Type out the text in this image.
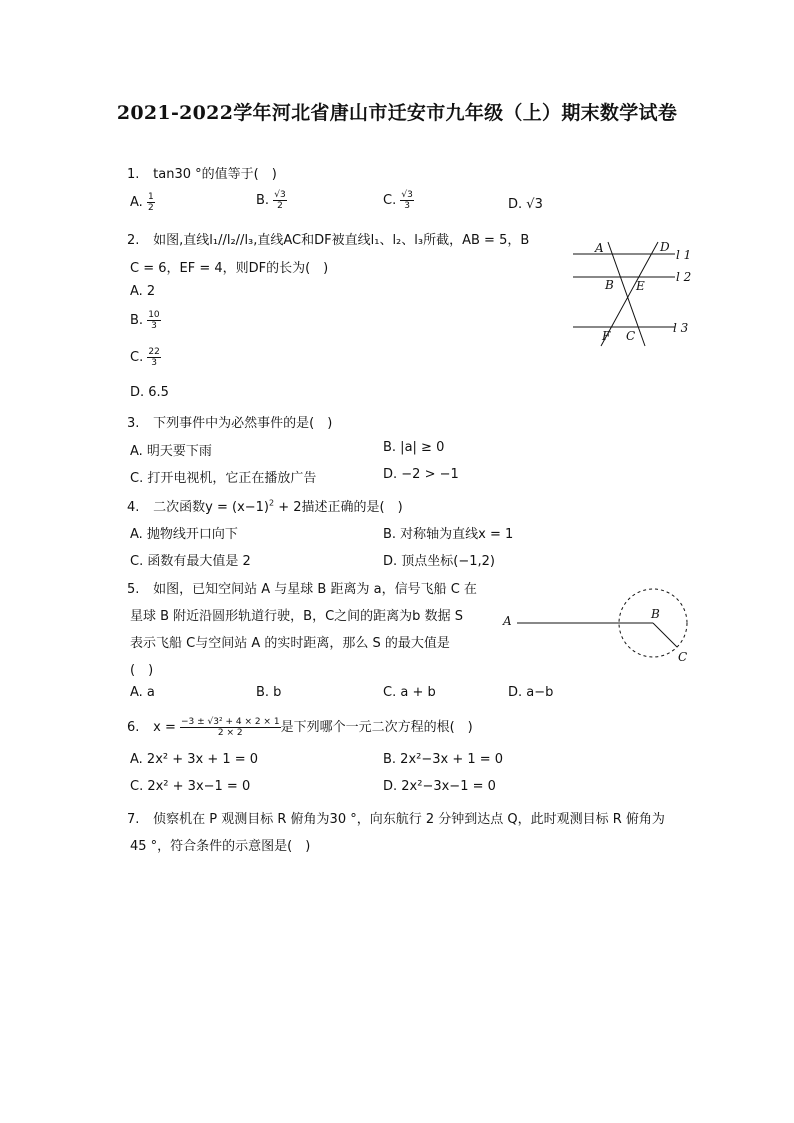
2021-2022学年河北省唐山市迁安市九年级（上）期末数学试卷
1. tan30 °的值等于(　)
A. $\frac{1}{2}$	B. $\frac{√3}{2}$	C. $\frac{√3}{3}$	D. √3
2. 如图,直线l₁//l₂//l₃,直线AC和DF被直线l₁、l₂、l₃所截，AB = 5，B
C = 6，EF = 4，则DF的长为(　)
A. 2
B. $\frac{10}{3}$
C. $\frac{22}{3}$
D. 6.5
A	D
B E
F C
l 1
l 2
l 3
3. 下列事件中为必然事件的是(　)
A. 明天要下雨	B. |a| ≥ 0
C. 打开电视机，它正在播放广告	D. −2 > −1
4. 二次函数$y = (x-1)^2 + 2$描述正确的是(　)
A. 抛物线开口向下	B. 对称轴为直线x = 1
C. 函数有最大值是 2	D. 顶点坐标(−1,2)
5. 如图，已知空间站 A 与星球 B 距离为 a，信号飞船 C 在
星球 B 附近沿圆形轨道行驶，B，C之间的距离为b 数据 S
表示飞船 C与空间站 A 的实时距离，那么 S 的最大值是
(　)
A. a	B. b	C. a + b	D. a−b
A	B
C
6. $x = \frac{\text{−3 ± √3² + 4 × 2 × 1}}{2 \times 2}$ 是下列哪个一元二次方程的根(　)
A. 2x² + 3x + 1 = 0	B. 2x²−3x + 1 = 0
C. 2x² + 3x−1 = 0	D. 2x²−3x−1 = 0
7. 侦察机在 P 观测目标 R 俯角为30 °，向东航行 2 分钟到达点 Q，此时观测目标 R 俯角为
45 °，符合条件的示意图是(　)
